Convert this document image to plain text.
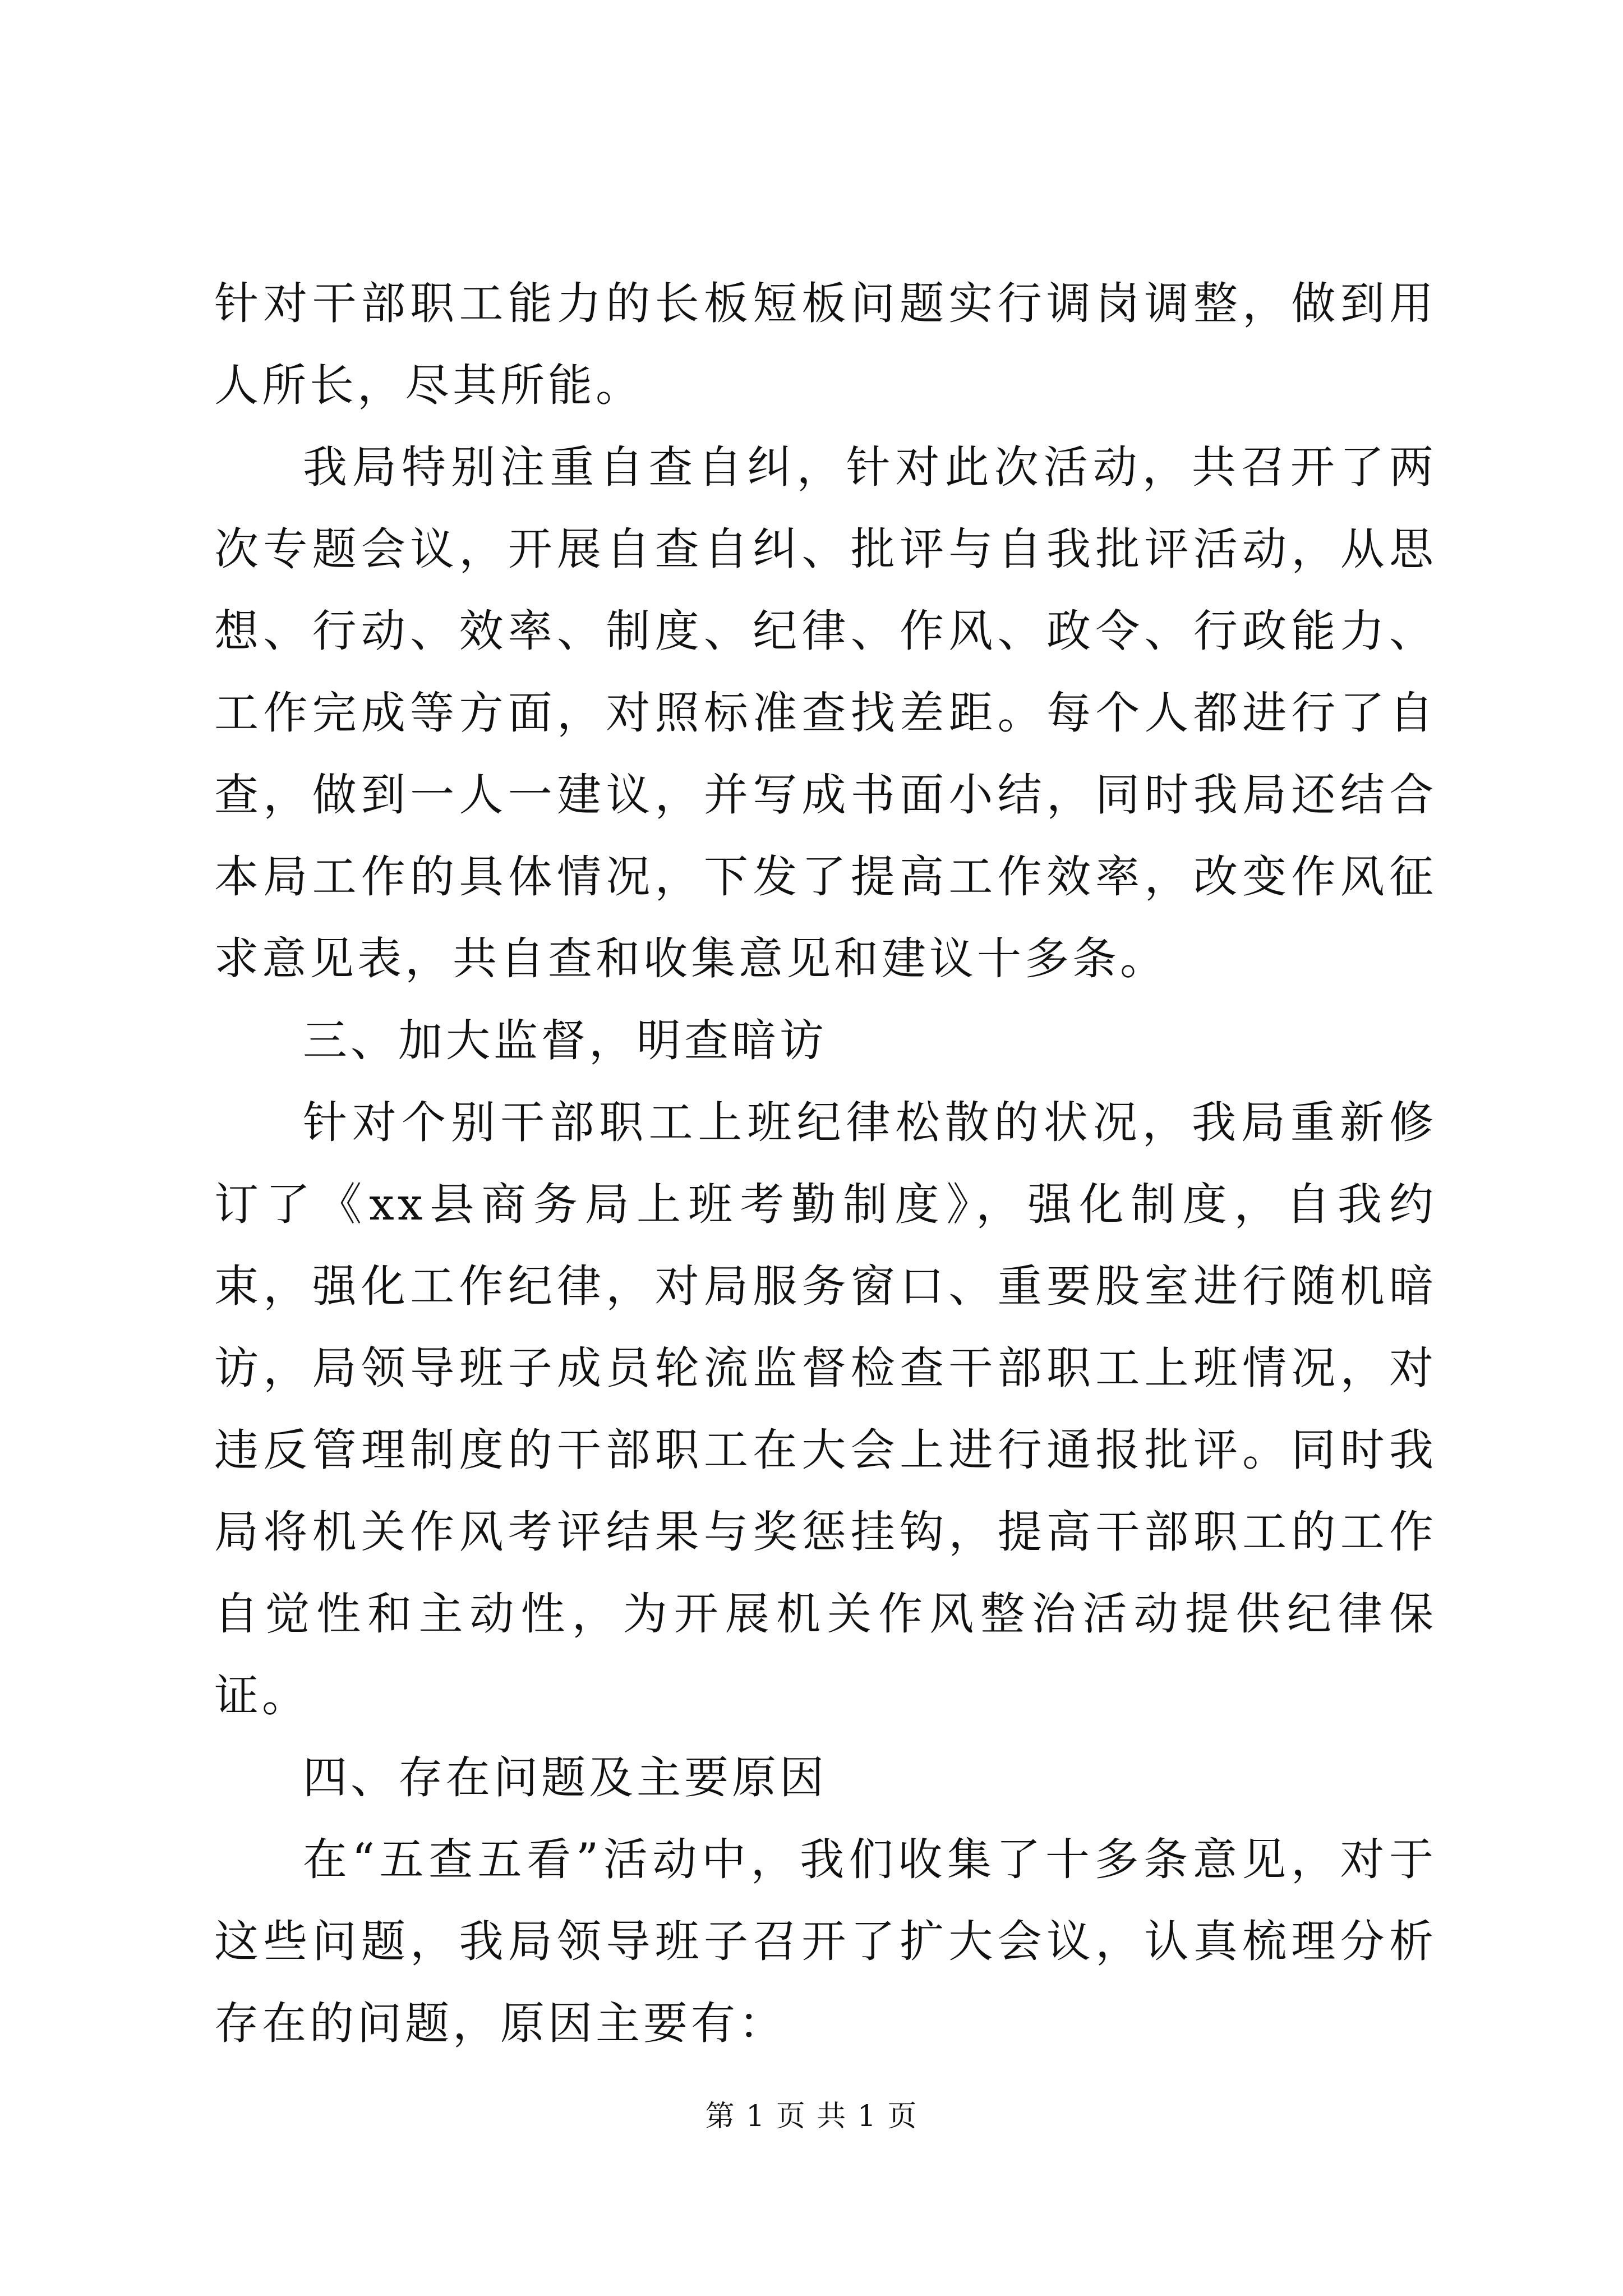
针对干部职工能力的长板短板问题实行调岗调整，做到用人所长，尽其所能。

我局特别注重自查自纠，针对此次活动，共召开了两次专题会议，开展自查自纠、批评与自我批评活动，从思想、行动、效率、制度、纪律、作风、政令、行政能力、工作完成等方面，对照标准查找差距。每个人都进行了自查，做到一人一建议，并写成书面小结，同时我局还结合本局工作的具体情况，下发了提高工作效率，改变作风征求意见表，共自查和收集意见和建议十多条。

三、加大监督，明查暗访

针对个别干部职工上班纪律松散的状况，我局重新修订了《xx县商务局上班考勤制度》，强化制度，自我约束，强化工作纪律，对局服务窗口、重要股室进行随机暗访，局领导班子成员轮流监督检查干部职工上班情况，对违反管理制度的干部职工在大会上进行通报批评。同时我局将机关作风考评结果与奖惩挂钩，提高干部职工的工作自觉性和主动性，为开展机关作风整治活动提供纪律保证。

四、存在问题及主要原因

在“五查五看”活动中，我们收集了十多条意见，对于这些问题，我局领导班子召开了扩大会议，认真梳理分析存在的问题，原因主要有：

第 1 页 共 1 页
